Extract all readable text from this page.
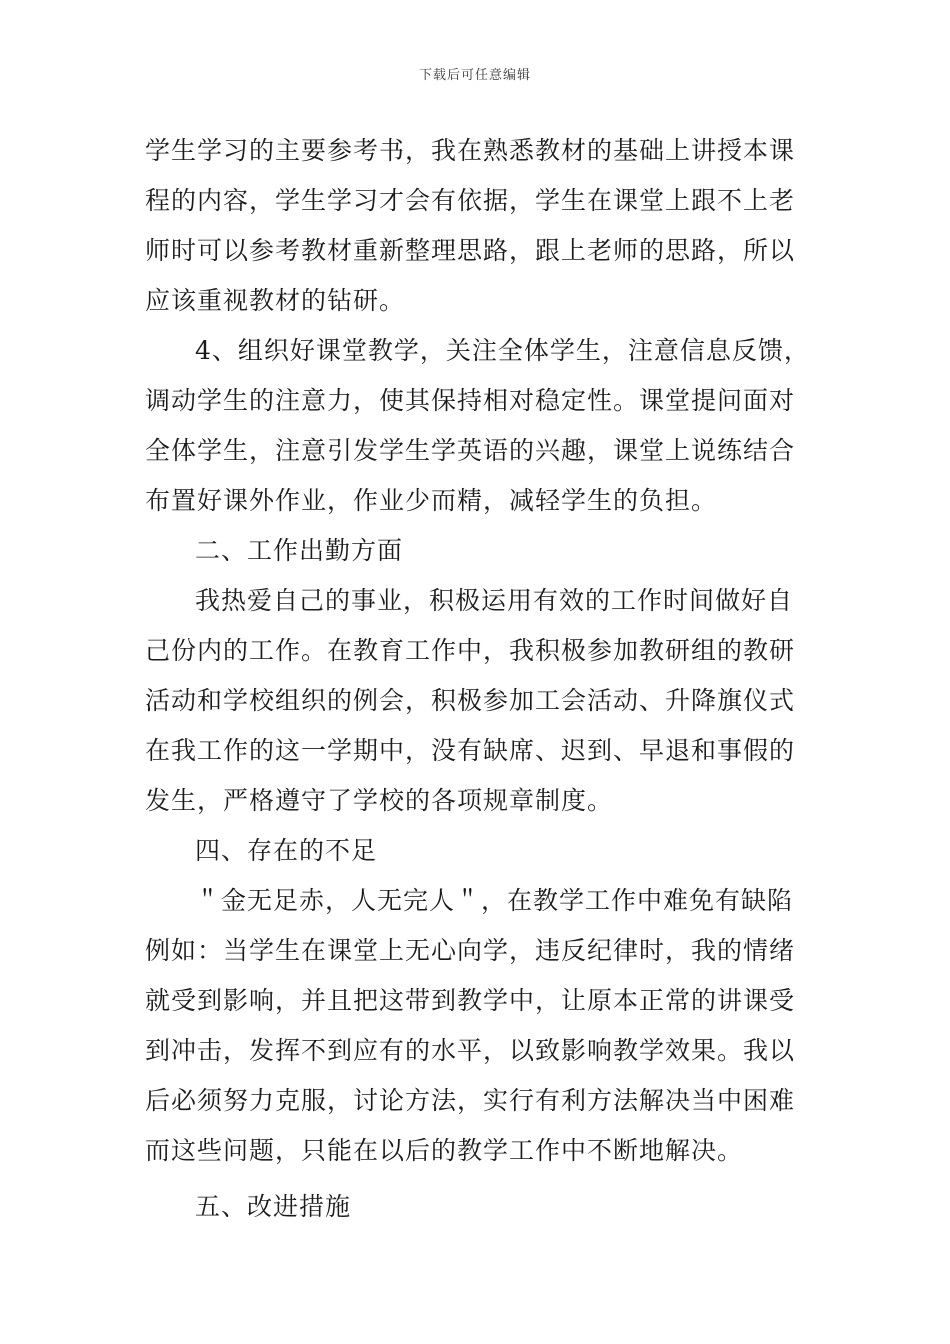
下载后可任意编辑
学生学习的主要参考书，我在熟悉教材的基础上讲授本课
程的内容，学生学习才会有依据，学生在课堂上跟不上老
师时可以参考教材重新整理思路，跟上老师的思路，所以
应该重视教材的钻研。
4、组织好课堂教学，关注全体学生，注意信息反馈，
调动学生的注意力，使其保持相对稳定性。课堂提问面对
全体学生，注意引发学生学英语的兴趣，课堂上说练结合
布置好课外作业，作业少而精，减轻学生的负担。
二、工作出勤方面
我热爱自己的事业，积极运用有效的工作时间做好自
己份内的工作。在教育工作中，我积极参加教研组的教研
活动和学校组织的例会，积极参加工会活动、升降旗仪式
在我工作的这一学期中，没有缺席、迟到、早退和事假的
发生，严格遵守了学校的各项规章制度。
四、存在的不足
＂金无足赤，人无完人＂，在教学工作中难免有缺陷
例如：当学生在课堂上无心向学，违反纪律时，我的情绪
就受到影响，并且把这带到教学中，让原本正常的讲课受
到冲击，发挥不到应有的水平，以致影响教学效果。我以
后必须努力克服，讨论方法，实行有利方法解决当中困难
而这些问题，只能在以后的教学工作中不断地解决。
五、改进措施
